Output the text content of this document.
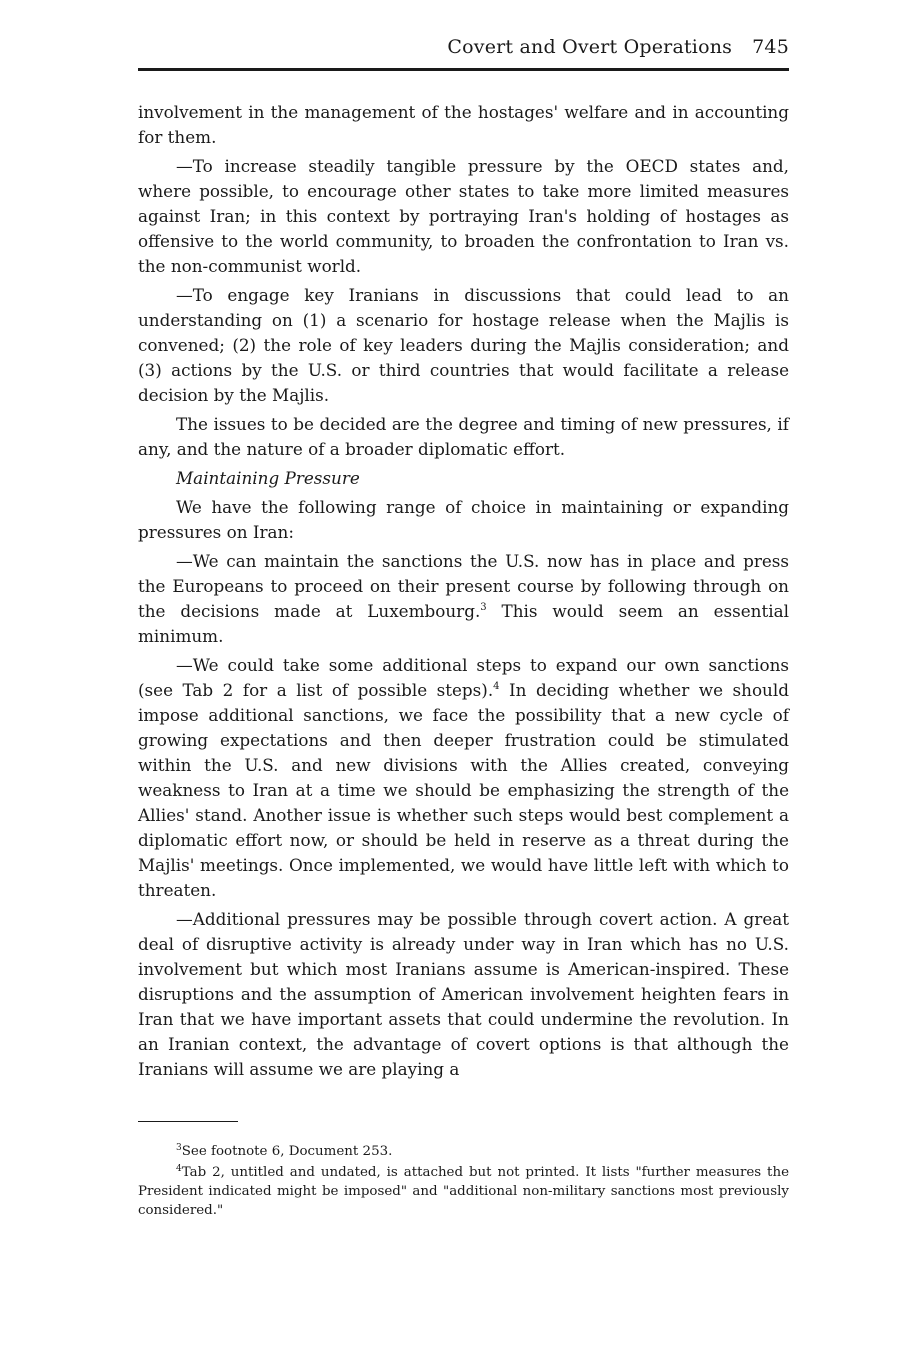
Covert and Overt Operations 745

involvement in the management of the hostages' welfare and in accounting for them.

—To increase steadily tangible pressure by the OECD states and, where possible, to encourage other states to take more limited measures against Iran; in this context by portraying Iran's holding of hostages as offensive to the world community, to broaden the confrontation to Iran vs. the non-communist world.

—To engage key Iranians in discussions that could lead to an understanding on (1) a scenario for hostage release when the Majlis is convened; (2) the role of key leaders during the Majlis consideration; and (3) actions by the U.S. or third countries that would facilitate a release decision by the Majlis.

The issues to be decided are the degree and timing of new pressures, if any, and the nature of a broader diplomatic effort.

Maintaining Pressure

We have the following range of choice in maintaining or expanding pressures on Iran:

—We can maintain the sanctions the U.S. now has in place and press the Europeans to proceed on their present course by following through on the decisions made at Luxembourg.$^3$ This would seem an essential minimum.

—We could take some additional steps to expand our own sanctions (see Tab 2 for a list of possible steps).$^4$ In deciding whether we should impose additional sanctions, we face the possibility that a new cycle of growing expectations and then deeper frustration could be stimulated within the U.S. and new divisions with the Allies created, conveying weakness to Iran at a time we should be emphasizing the strength of the Allies' stand. Another issue is whether such steps would best complement a diplomatic effort now, or should be held in reserve as a threat during the Majlis' meetings. Once implemented, we would have little left with which to threaten.

—Additional pressures may be possible through covert action. A great deal of disruptive activity is already under way in Iran which has no U.S. involvement but which most Iranians assume is American-inspired. These disruptions and the assumption of American involvement heighten fears in Iran that we have important assets that could undermine the revolution. In an Iranian context, the advantage of covert options is that although the Iranians will assume we are playing a

$^3$See footnote 6, Document 253.

$^4$Tab 2, untitled and undated, is attached but not printed. It lists "further measures the President indicated might be imposed" and "additional non-military sanctions most previously considered."
